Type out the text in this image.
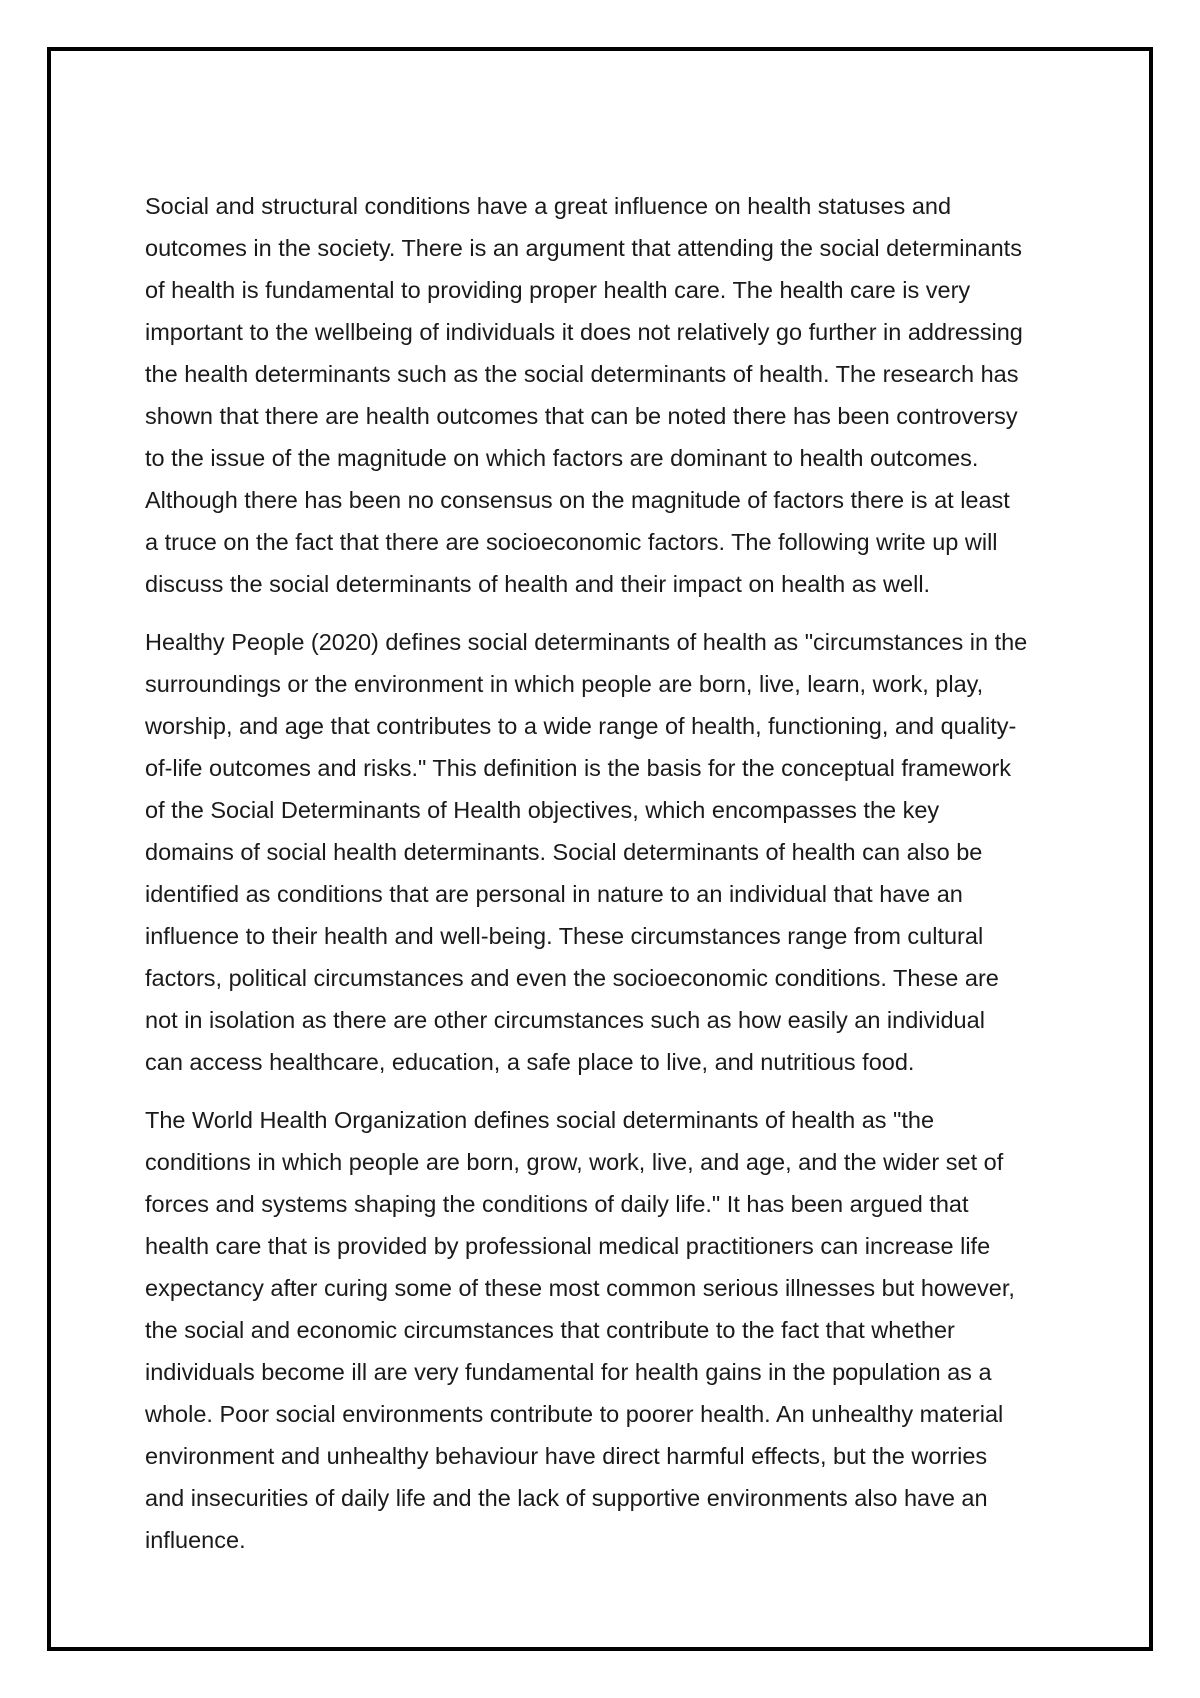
Social and structural conditions have a great influence on health statuses and
outcomes in the society. There is an argument that attending the social determinants
of health is fundamental to providing proper health care. The health care is very
important to the wellbeing of individuals it does not relatively go further in addressing
the health determinants such as the social determinants of health. The research has
shown that there are health outcomes that can be noted there has been controversy
to the issue of the magnitude on which factors are dominant to health outcomes.
Although there has been no consensus on the magnitude of factors there is at least
a truce on the fact that there are socioeconomic factors. The following write up will
discuss the social determinants of health and their impact on health as well.

Healthy People (2020) defines social determinants of health as "circumstances in the
surroundings or the environment in which people are born, live, learn, work, play,
worship, and age that contributes to a wide range of health, functioning, and quality-
of-life outcomes and risks." This definition is the basis for the conceptual framework
of the Social Determinants of Health objectives, which encompasses the key
domains of social health determinants. Social determinants of health can also be
identified as conditions that are personal in nature to an individual that have an
influence to their health and well-being. These circumstances range from cultural
factors, political circumstances and even the socioeconomic conditions. These are
not in isolation as there are other circumstances such as how easily an individual
can access healthcare, education, a safe place to live, and nutritious food.

The World Health Organization defines social determinants of health as "the
conditions in which people are born, grow, work, live, and age, and the wider set of
forces and systems shaping the conditions of daily life." It has been argued that
health care that is provided by professional medical practitioners can increase life
expectancy after curing some of these most common serious illnesses but however,
the social and economic circumstances that contribute to the fact that whether
individuals become ill are very fundamental for health gains in the population as a
whole. Poor social environments contribute to poorer health. An unhealthy material
environment and unhealthy behaviour have direct harmful effects, but the worries
and insecurities of daily life and the lack of supportive environments also have an
influence.
